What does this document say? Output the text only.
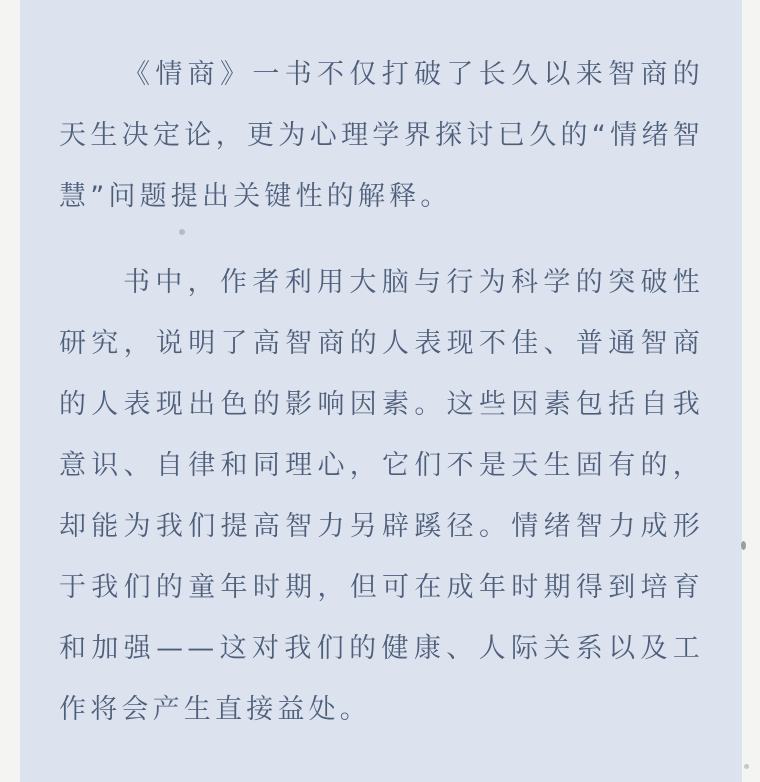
《情商》一书不仅打破了长久以来智商的天生决定论，更为心理学界探讨已久的“情绪智慧”问题提出关键性的解释。

书中，作者利用大脑与行为科学的突破性研究，说明了高智商的人表现不佳、普通智商的人表现出色的影响因素。这些因素包括自我意识、自律和同理心，它们不是天生固有的，却能为我们提高智力另辟蹊径。情绪智力成形于我们的童年时期，但可在成年时期得到培育和加强——这对我们的健康、人际关系以及工作将会产生直接益处。
